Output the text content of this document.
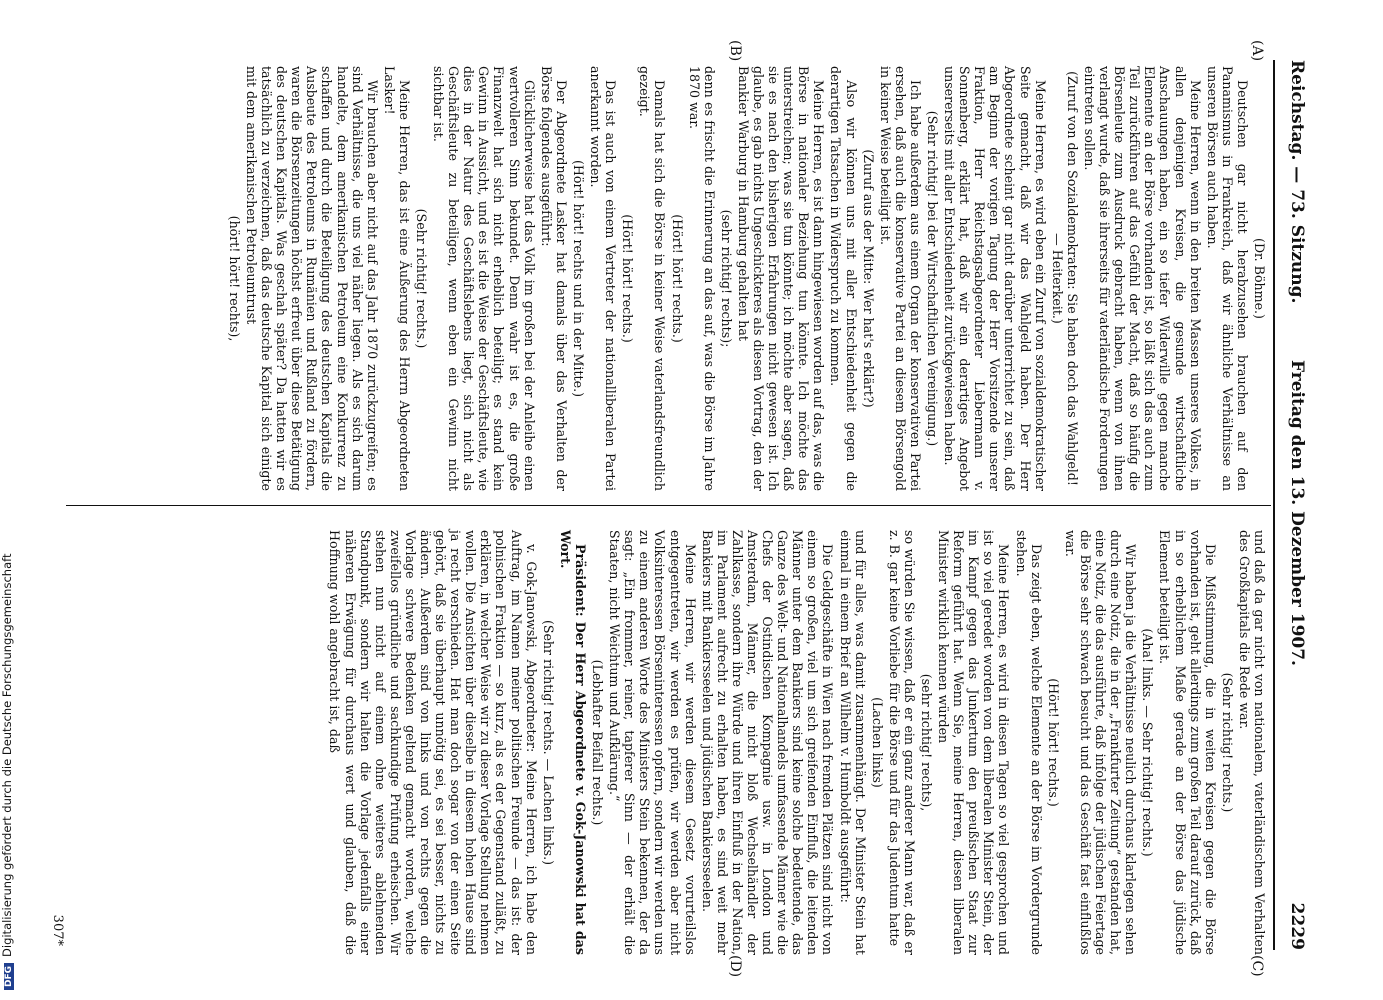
Reichstag. — 73. Sitzung.
Freitag den 13. Dezember 1907.
2229
(A)
(B)
(C)
(D)

(Dr. Böhme.)

Deutschen gar nicht herabzusehen brauchen auf den Panamismus in Frankreich, daß wir ähnliche Verhältnisse an unseren Börsen auch haben.

Meine Herren, wenn in den breiten Massen unseres Volkes, in allen denjenigen Kreisen, die gesunde wirtschaftliche Anschauungen haben, ein so tiefer Widerwille gegen manche Elemente an der Börse vorhanden ist, so läßt sich das auch zum Teil zurückführen auf das Gefühl der Macht, daß so häufig die Börsenleute zum Ausdruck gebracht haben, wenn von ihnen verlangt wurde, daß sie ihrerseits für vaterländische Forderungen eintreten sollen.

(Zuruf von den Sozialdemokraten: Sie haben doch das Wahlgeld! — Heiterkeit.)

Meine Herren, es wird eben ein Zuruf von sozialdemokratischer Seite gemacht, daß wir das Wahlgeld haben. Der Herr Abgeordnete scheint gar nicht darüber unterrichtet zu sein, daß am Beginn der vorigen Tagung der Herr Vorsitzende unserer Fraktion, Herr Reichstagsabgeordneter Liebermann v. Sonnenberg, erklärt hat, daß wir ein derartiges Angebot unsererseits mit aller Entschiedenheit zurückgewiesen haben.

(Sehr richtig! bei der Wirtschaftlichen Vereinigung.)

Ich habe außerdem aus einem Organ der konservativen Partei ersehen, daß auch die konservative Partei an diesem Börsengold in keiner Weise beteiligt ist.

(Zuruf aus der Mitte: Wer hat's erklärt?)

Also wir können uns mit aller Entschiedenheit gegen die derartigen Tatsachen in Widerspruch zu kommen.

Meine Herren, es ist dann hingewiesen worden auf das, was die Börse in nationaler Beziehung tun könnte. Ich möchte das unterstreichen; was sie tun könnte; ich möchte aber sagen, daß sie es nach den bisherigen Erfahrungen nicht gewesen ist. Ich glaube, es gab nichts Ungeschickteres als diesen Vortrag, den der Bankier Warburg in Hamburg gehalten hat

(sehr richtig! rechts);

denn es frischt die Erinnerung an das auf, was die Börse im Jahre 1870 war.

(Hört! hört! rechts.)

Damals hat sich die Börse in keiner Weise vaterlandsfreundlich gezeigt.

(Hört! hört! rechts.)

Das ist auch von einem Vertreter der nationalliberalen Partei anerkannt worden.

(Hört! hört! rechts und in der Mitte.)

Der Abgeordnete Lasker hat damals über das Verhalten der Börse folgendes ausgeführt:

Glücklicherweise hat das Volk im großen bei der Anleihe einen wertvolleren Sinn bekundet. Denn wahr ist es, die große Finanzwelt hat sich nicht erheblich beteiligt; es stand kein Gewinn in Aussicht, und es ist die Weise der Geschäftsleute, wie dies in der Natur des Geschäftslebens liegt, sich nicht als Geschäftsleute zu beteiligen, wenn eben ein Gewinn nicht sichtbar ist.

(Sehr richtig! rechts.)

Meine Herren, das ist eine Äußerung des Herrn Abgeordneten Lasker!

Wir brauchen aber nicht auf das Jahr 1870 zurückzugreifen; es sind Verhältnisse, die uns viel näher liegen. Als es sich darum handelte, dem amerikanischen Petroleum eine Konkurrenz zu schaffen und durch die Beteiligung des deutschen Kapitals die Ausbeute des Petroleums in Rumänien und Rußland zu fördern, waren die Börsenzeitungen höchst erfreut über diese Betätigung des deutschen Kapitals. Was geschah später? Da hatten wir es tatsächlich zu verzeichnen, daß das deutsche Kapital sich einigte mit dem amerikanischen Petroleumtrust

(hört! hört! rechts),

und daß da gar nicht von nationalem, vaterländischem Verhalten des Großkapitals die Rede war.

(Sehr richtig! rechts.)

Die Mißstimmung, die in weiten Kreisen gegen die Börse vorhanden ist, geht allerdings zum großen Teil darauf zurück, daß in so erheblichem Maße gerade an der Börse das jüdische Element beteiligt ist.

(Aha! links. — Sehr richtig! rechts.)

Wir haben ja die Verhältnisse neulich durchaus klarlegen sehen durch eine Notiz, die in der „Frankfurter Zeitung“ gestanden hat, eine Notiz, die das ausführte, daß infolge der jüdischen Feiertage die Börse sehr schwach besucht und das Geschäft fast einflußlos war.

(Hört! hört! rechts.)

Das zeigt eben, welche Elemente an der Börse im Vordergrunde stehen.

Meine Herren, es wird in diesen Tagen so viel gesprochen und ist so viel geredet worden von dem liberalen Minister Stein, der im Kampf gegen das Junkertum den preußischen Staat zur Reform geführt hat. Wenn Sie, meine Herren, diesen liberalen Minister wirklich kennen würden

(sehr richtig! rechts),

so würden Sie wissen, daß er ein ganz anderer Mann war, daß er z. B. gar keine Vorliebe für die Börse und für das Judentum hatte

(Lachen links)

und für alles, was damit zusammenhängt. Der Minister Stein hat einmal in einem Brief an Wilhelm v. Humboldt ausgeführt:

Die Geldgeschäfte in Wien nach fremden Plätzen sind nicht von einem so großen, viel um sich greifenden Einfluß, die leitenden Männer unter dem Bankiers sind keine solche bedeutende, das Ganze des Welt- und Nationalhandels umfassende Männer wie die Chefs der Ostindischen Kompagnie usw. in London und Amsterdam, Männer, die nicht bloß Wechselhändler der Zahlkasse, sondern ihre Würde und ihren Einfluß in der Nation, im Parlament aufrecht zu erhalten haben, es sind weit mehr Bankiers mit Bankiersseelen und jüdischen Bankiersseelen.

Meine Herren, wir werden diesem Gesetz vorurteilslos entgegentreten, wir werden es prüfen, wir werden aber nicht Volksinteressen Börseninteressen opfern, sondern wir werden uns zu einem anderen Worte des Ministers Stein bekennen, der da sagt: „Ein frommer, reiner, tapferer Sinn — der erhält die Staaten, nicht Weichtum und Aufklärung.“

(Lebhafter Beifall rechts.)

Präsident: Der Herr Abgeordnete v. Gok-Janowski hat das Wort.

(Sehr richtig! rechts. — Lachen links.)

v. Gok-Janowski, Abgeordneter: Meine Herren, ich habe den Auftrag, im Namen meiner politischen Freunde — das ist: der polnischen Fraktion — so kurz, als es der Gegenstand zuläßt, zu erklären, in welcher Weise wir zu dieser Vorlage Stellung nehmen wollen. Die Ansichten über dieselbe in diesem hohen Hause sind ja recht verschieden. Hat man doch sogar von der einen Seite gehört, daß sie überhaupt unnötig sei, es sei besser, nichts zu ändern. Außerdem sind von links und von rechts gegen die Vorlage schwere Bedenken geltend gemacht worden, welche zweifellos gründliche und sachkundige Prüfung erheischen. Wir stehen nun nicht auf einem ohne weiteres ablehnenden Standpunkt, sondern wir halten die Vorlage jedenfalls einer näheren Erwägung für durchaus wert und glauben, daß die Hoffnung wohl angebracht ist, daß

307*
DFGDigitalisierung gefördert durch die Deutsche Forschungsgemeinschaft
